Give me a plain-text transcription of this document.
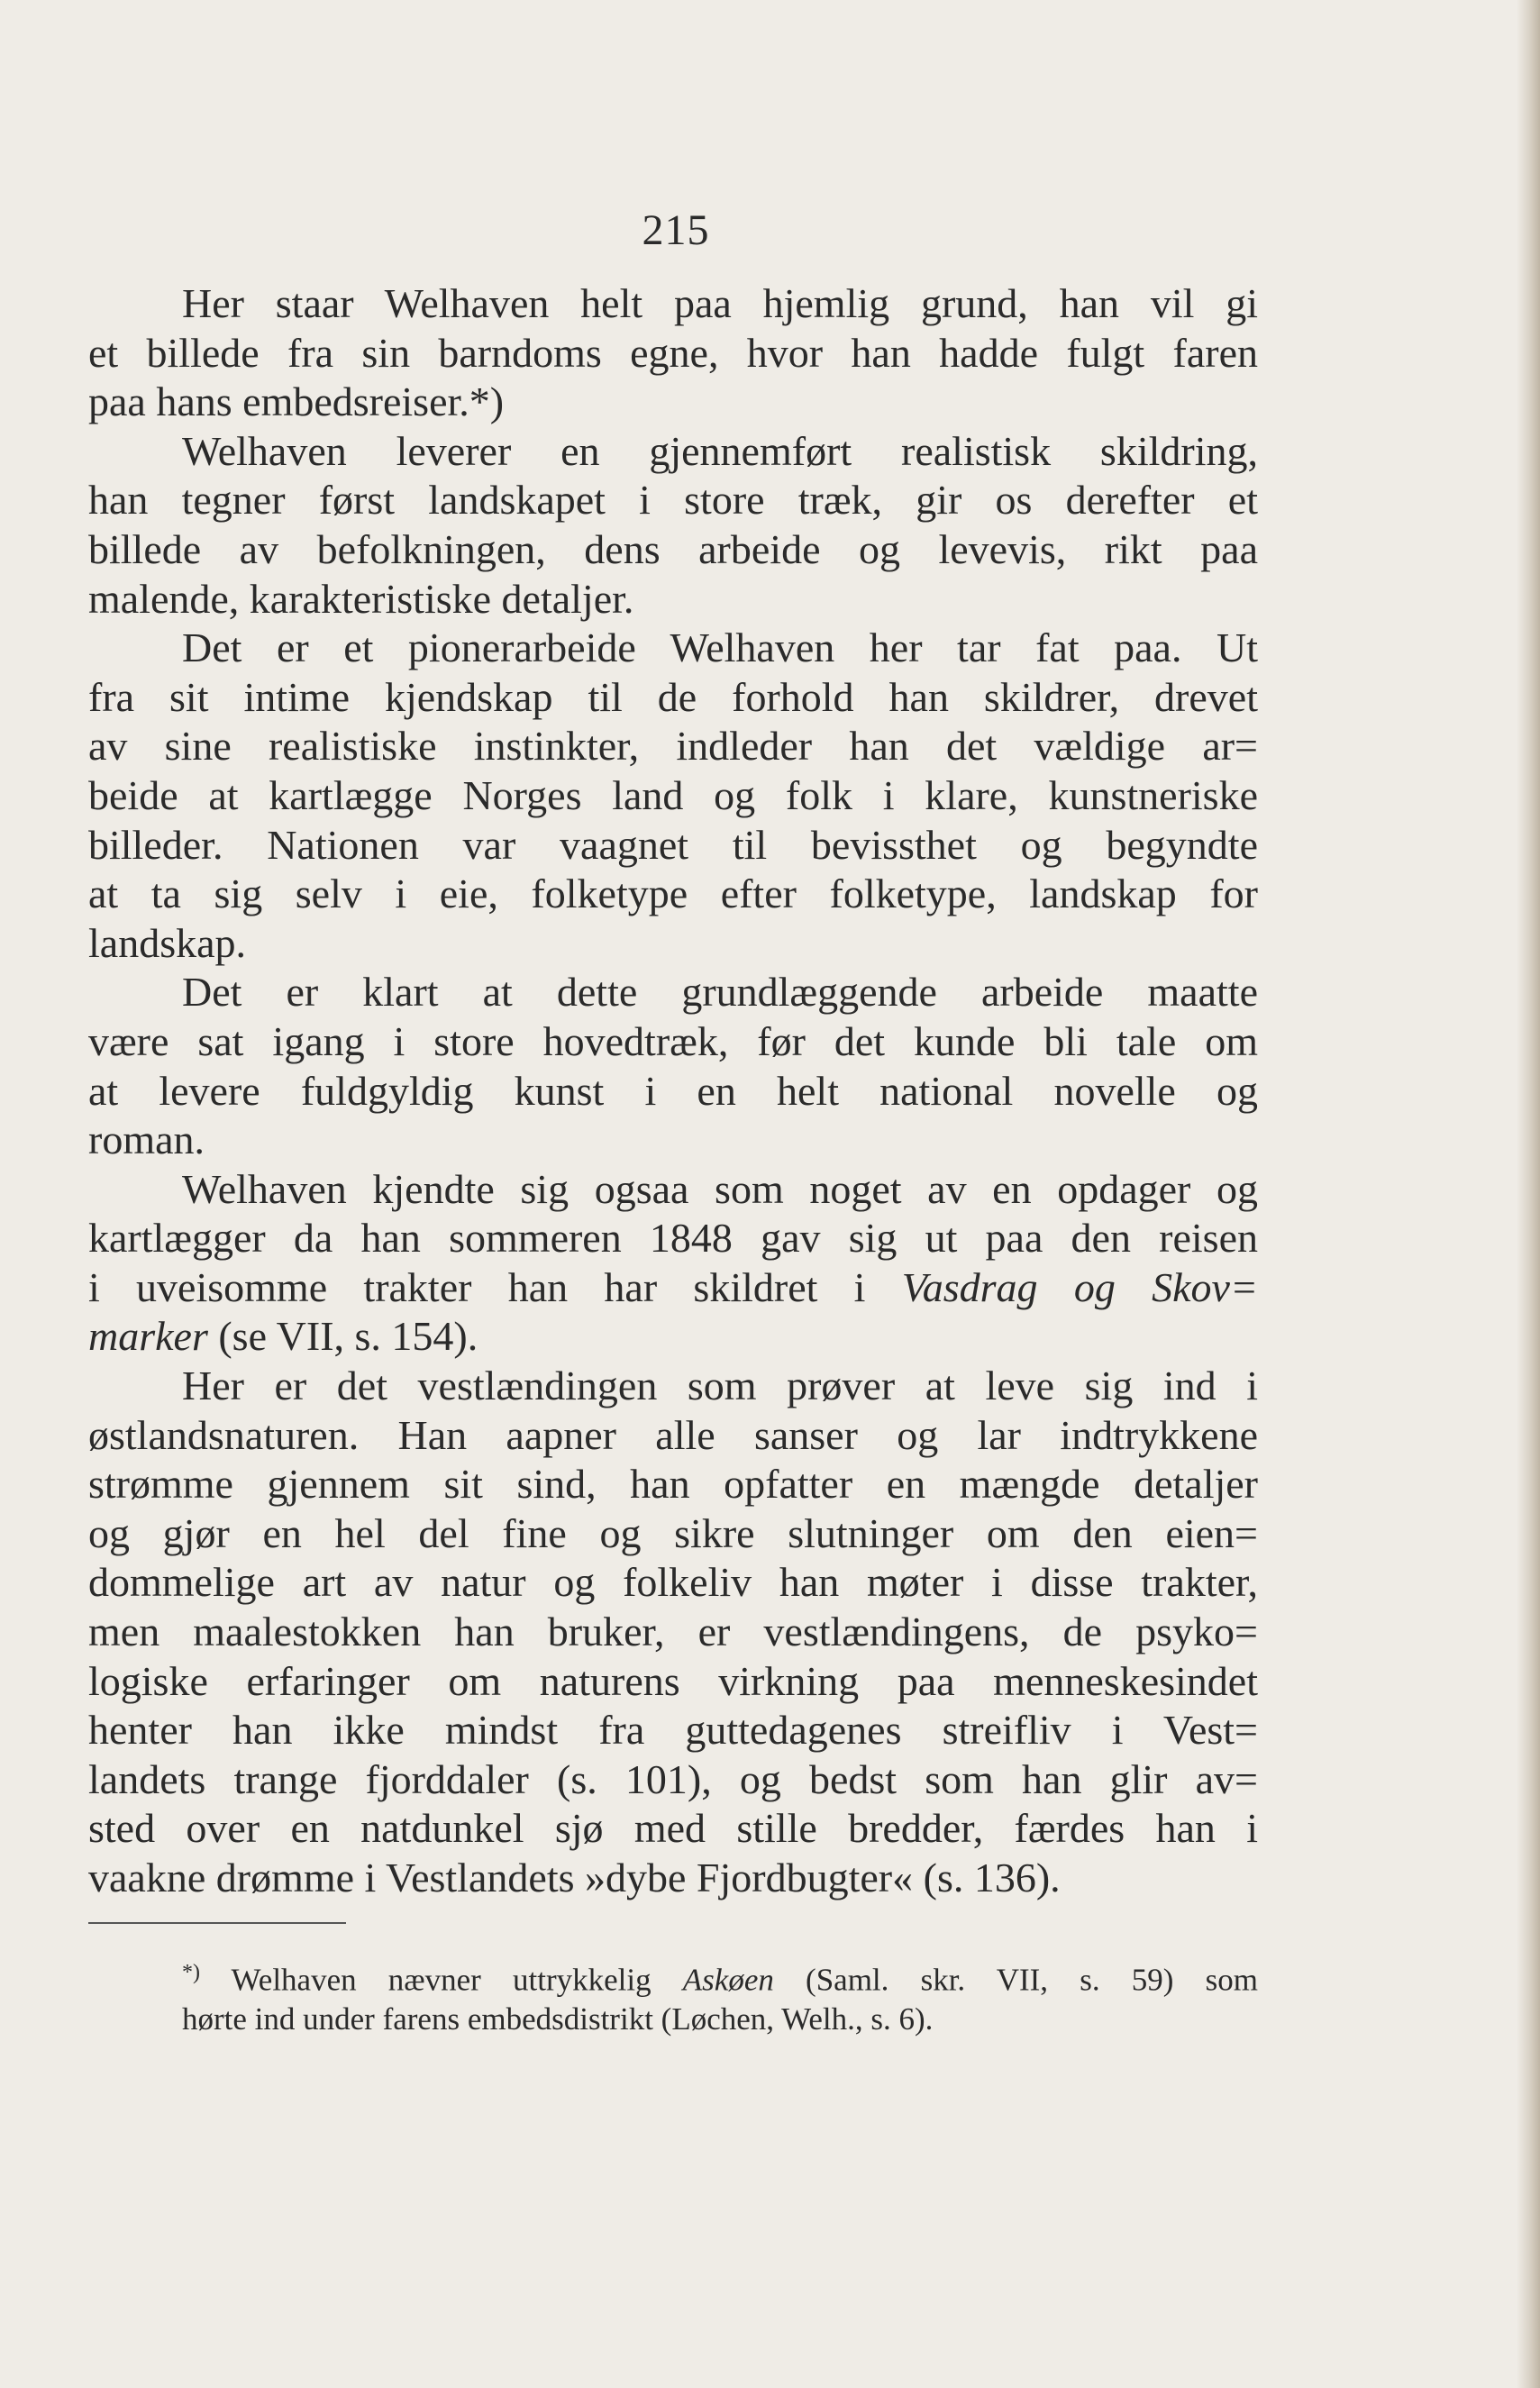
215
Her staar Welhaven helt paa hjemlig grund, han vil gi
et billede fra sin barndoms egne, hvor han hadde fulgt faren
paa hans embedsreiser.*)
Welhaven leverer en gjennemført realistisk skildring,
han tegner først landskapet i store træk, gir os derefter et
billede av befolkningen, dens arbeide og levevis, rikt paa
malende, karakteristiske detaljer.
Det er et pionerarbeide Welhaven her tar fat paa. Ut
fra sit intime kjendskap til de forhold han skildrer, drevet
av sine realistiske instinkter, indleder han det vældige ar=
beide at kartlægge Norges land og folk i klare, kunstneriske
billeder. Nationen var vaagnet til bevissthet og begyndte
at ta sig selv i eie, folketype efter folketype, landskap for
landskap.
Det er klart at dette grundlæggende arbeide maatte
være sat igang i store hovedtræk, før det kunde bli tale om
at levere fuldgyldig kunst i en helt national novelle og
roman.
Welhaven kjendte sig ogsaa som noget av en opdager og
kartlægger da han sommeren 1848 gav sig ut paa den reisen
i uveisomme trakter han har skildret i Vasdrag og Skov=
marker (se VII, s. 154).
Her er det vestlændingen som prøver at leve sig ind i
østlandsnaturen. Han aapner alle sanser og lar indtrykkene
strømme gjennem sit sind, han opfatter en mængde detaljer
og gjør en hel del fine og sikre slutninger om den eien=
dommelige art av natur og folkeliv han møter i disse trakter,
men maalestokken han bruker, er vestlændingens, de psyko=
logiske erfaringer om naturens virkning paa menneskesindet
henter han ikke mindst fra guttedagenes streifliv i Vest=
landets trange fjorddaler (s. 101), og bedst som han glir av=
sted over en natdunkel sjø med stille bredder, færdes han i
vaakne drømme i Vestlandets »dybe Fjordbugter« (s. 136).
*) Welhaven nævner uttrykkelig Askøen (Saml. skr. VII, s. 59) som
hørte ind under farens embedsdistrikt (Løchen, Welh., s. 6).
